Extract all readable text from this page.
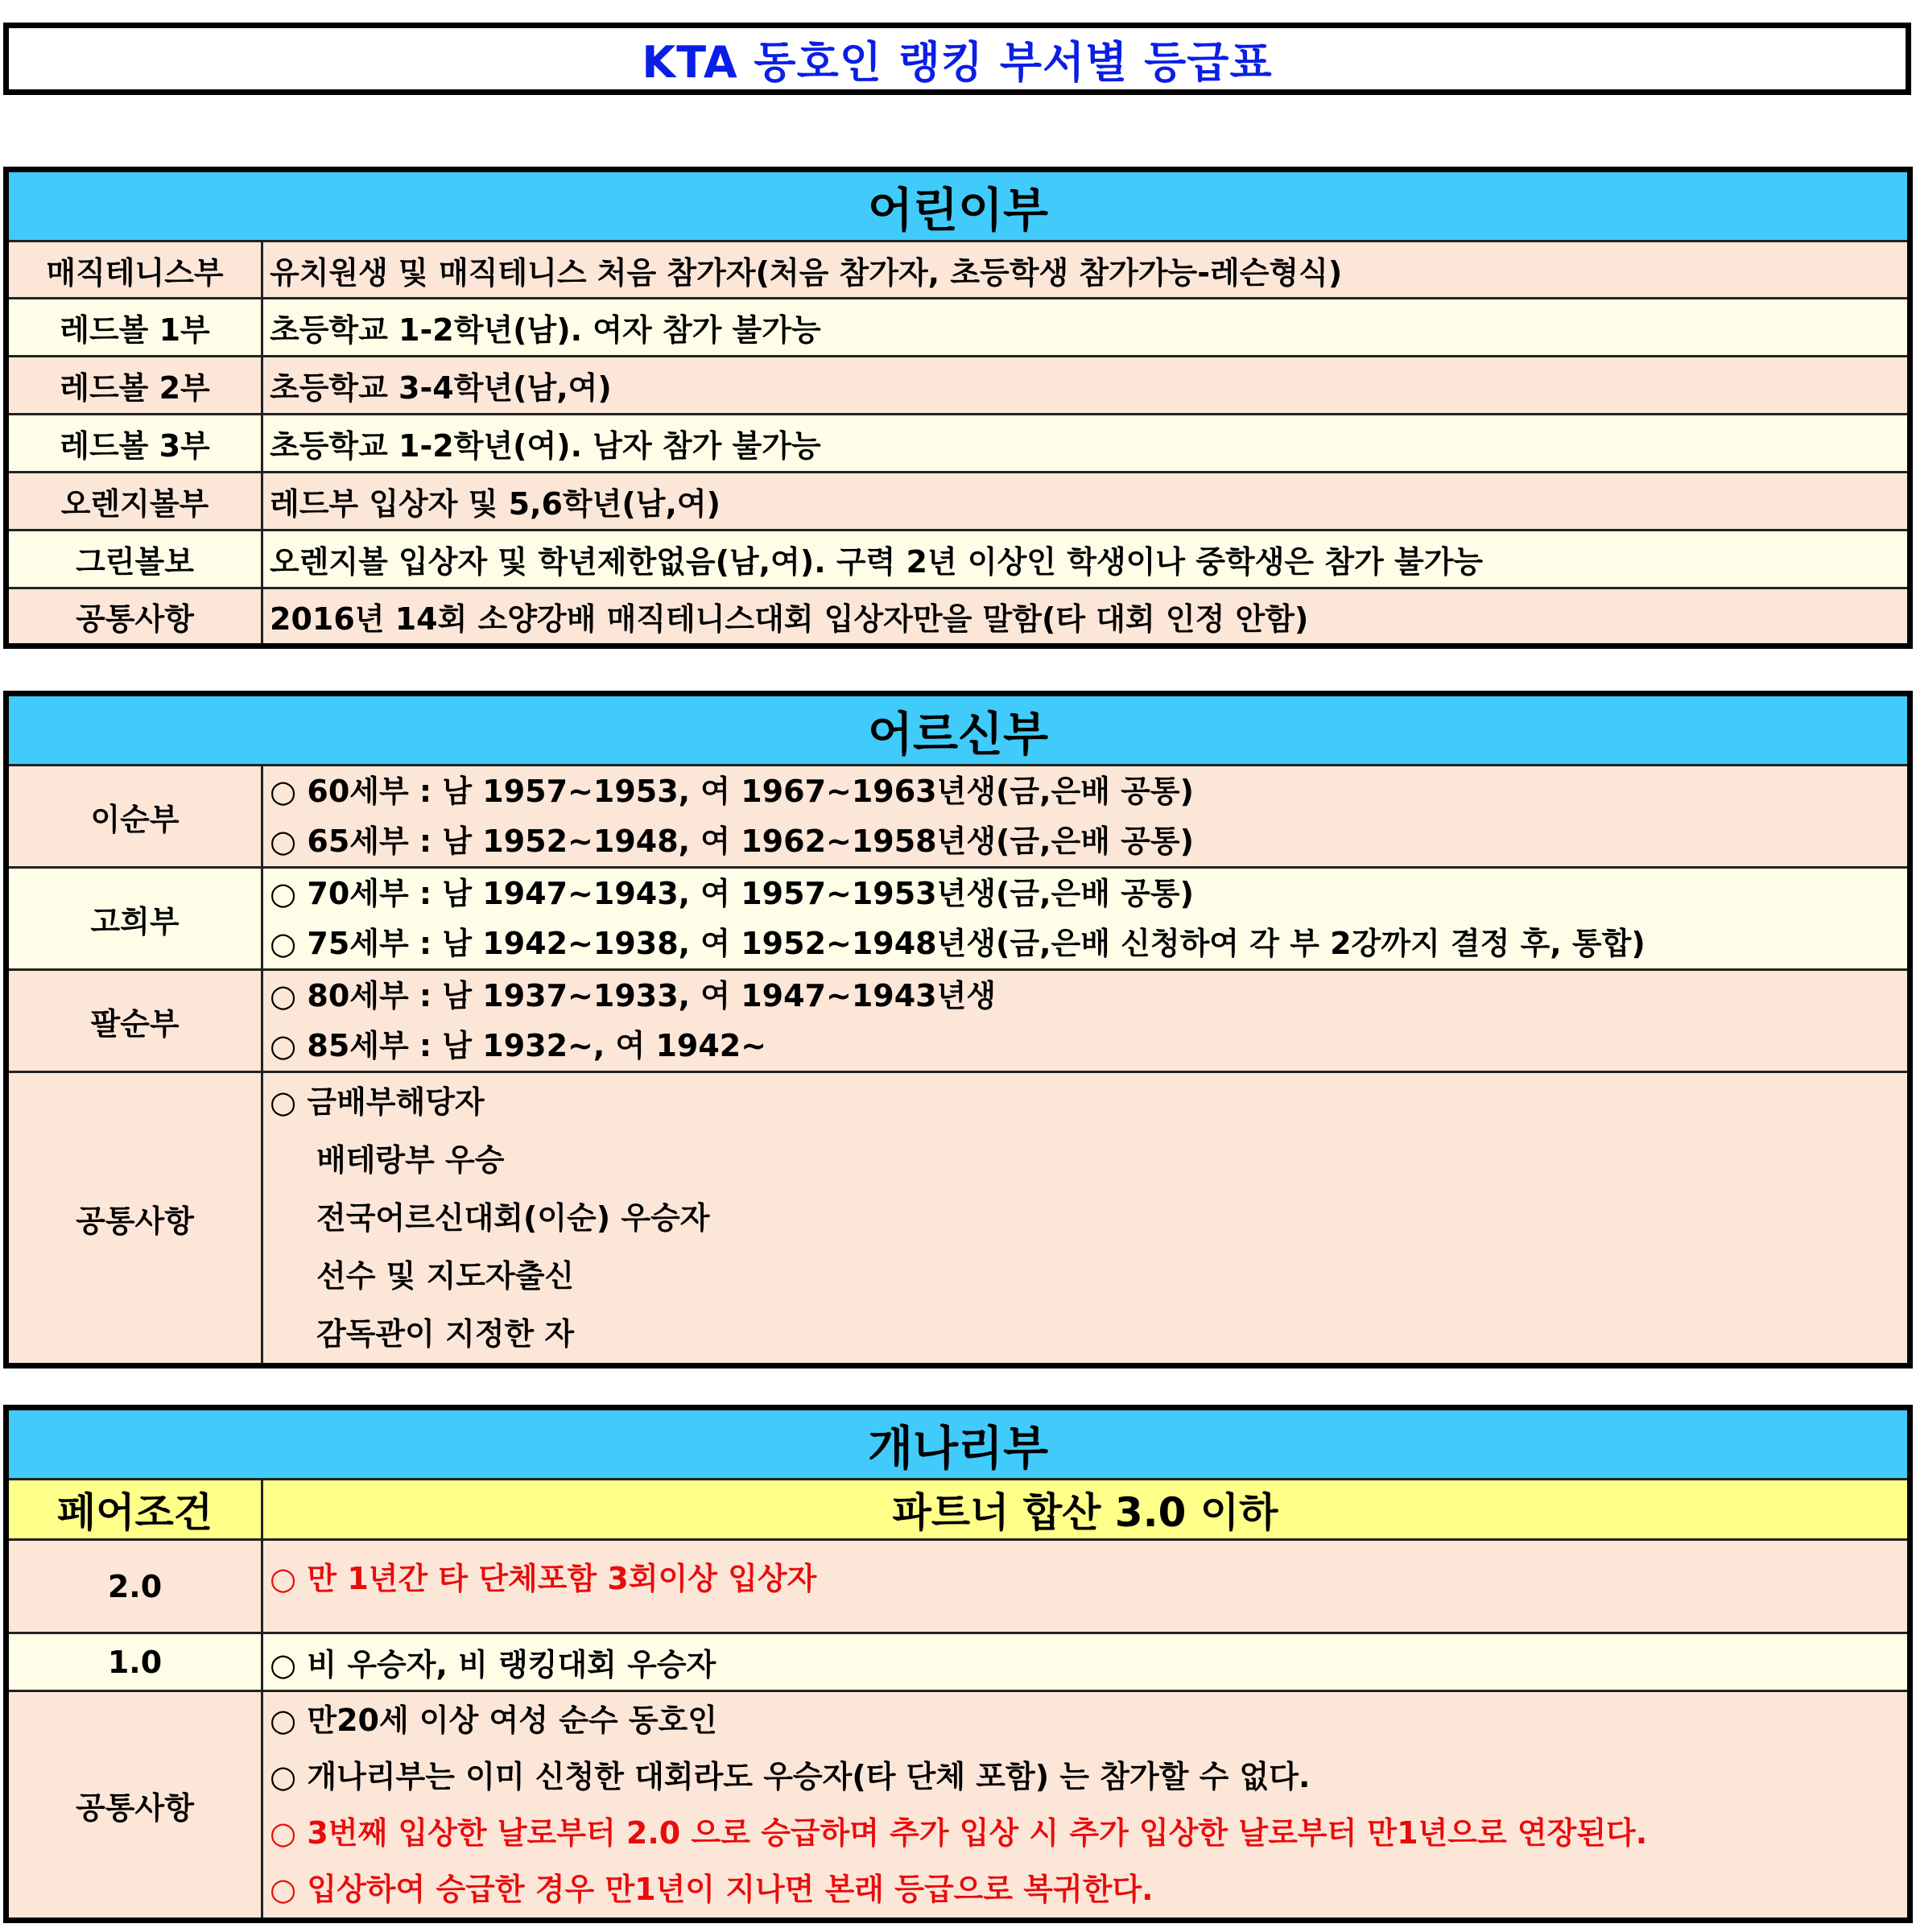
KTA 동호인 랭킹 부서별 등급표
어린이부	
매직테니스부	유치원생 및 매직테니스 처음 참가자(처음 참가자, 초등학생 참가가능-레슨형식)
레드볼 1부	초등학교 1-2학년(남). 여자 참가 불가능
레드볼 2부	초등학교 3-4학년(남,여)
레드볼 3부	초등학교 1-2학년(여). 남자 참가 불가능
오렌지볼부	레드부 입상자 및 5,6학년(남,여)
그린볼보	오렌지볼 입상자 및 학년제한없음(남,여). 구력 2년 이상인 학생이나 중학생은 참가 불가능
공통사항	2016년 14회 소양강배 매직테니스대회 입상자만을 말함(타 대회 인정 안함)
어르신부	
이순부	○ 60세부 : 남 1957~1953, 여 1967~1963년생(금,은배 공통)
○ 65세부 : 남 1952~1948, 여 1962~1958년생(금,은배 공통)

고희부	○ 70세부 : 남 1947~1943, 여 1957~1953년생(금,은배 공통)
○ 75세부 : 남 1942~1938, 여 1952~1948년생(금,은배 신청하여 각 부 2강까지 결정 후, 통합)

팔순부	○ 80세부 : 남 1937~1933, 여 1947~1943년생
○ 85세부 : 남 1932~, 여 1942~

공통사항	○ 금배부해당자
배테랑부 우승
전국어르신대회(이순) 우승자
선수 및 지도자출신
감독관이 지정한 자
개나리부	
페어조건	파트너 합산 3.0 이하
2.0	○ 만 1년간 타 단체포함 3회이상 입상자

1.0	○ 비 우승자, 비 랭킹대회 우승자

공통사항	○ 만20세 이상 여성 순수 동호인
○ 개나리부는 이미 신청한 대회라도 우승자(타 단체 포함) 는 참가할 수 없다.
○ 3번째 입상한 날로부터 2.0 으로 승급하며 추가 입상 시 추가 입상한 날로부터 만1년으로 연장된다.
○ 입상하여 승급한 경우 만1년이 지나면 본래 등급으로 복귀한다.
